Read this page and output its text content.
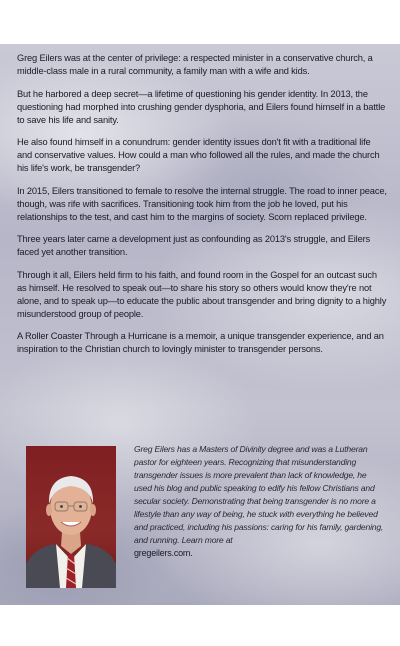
Greg Eilers was at the center of privilege: a respected minister in a conservative church, a middle-class male in a rural community, a family man with a wife and kids.

But he harbored a deep secret—a lifetime of questioning his gender identity. In 2013, the questioning had morphed into crushing gender dysphoria, and Eilers found himself in a battle to save his life and sanity.

He also found himself in a conundrum: gender identity issues don't fit with a traditional life and conservative values. How could a man who followed all the rules, and made the church his life's work, be transgender?

In 2015, Eilers transitioned to female to resolve the internal struggle. The road to inner peace, though, was rife with sacrifices. Transitioning took him from the job he loved, put his relationships to the test, and cast him to the margins of society. Scorn replaced privilege.

Three years later came a development just as confounding as 2013's struggle, and Eilers faced yet another transition.

Through it all, Eilers held firm to his faith, and found room in the Gospel for an outcast such as himself. He resolved to speak out—to share his story so others would know they're not alone, and to speak up—to educate the public about transgender and bring dignity to a highly misunderstood group of people.

A Roller Coaster Through a Hurricane is a memoir, a unique transgender experience, and an inspiration to the Christian church to lovingly minister to transgender persons.

Greg Eilers has a Masters of Divinity degree and was a Lutheran pastor for eighteen years. Recognizing that misunderstanding transgender issues is more prevalent than lack of knowledge, he used his blog and public speaking to edify his fellow Christians and secular society. Demonstrating that being transgender is no more a lifestyle than any way of being, he stuck with everything he believed and practiced, including his passions: caring for his family, gardening, and running. Learn more at
gregeilers.com.
